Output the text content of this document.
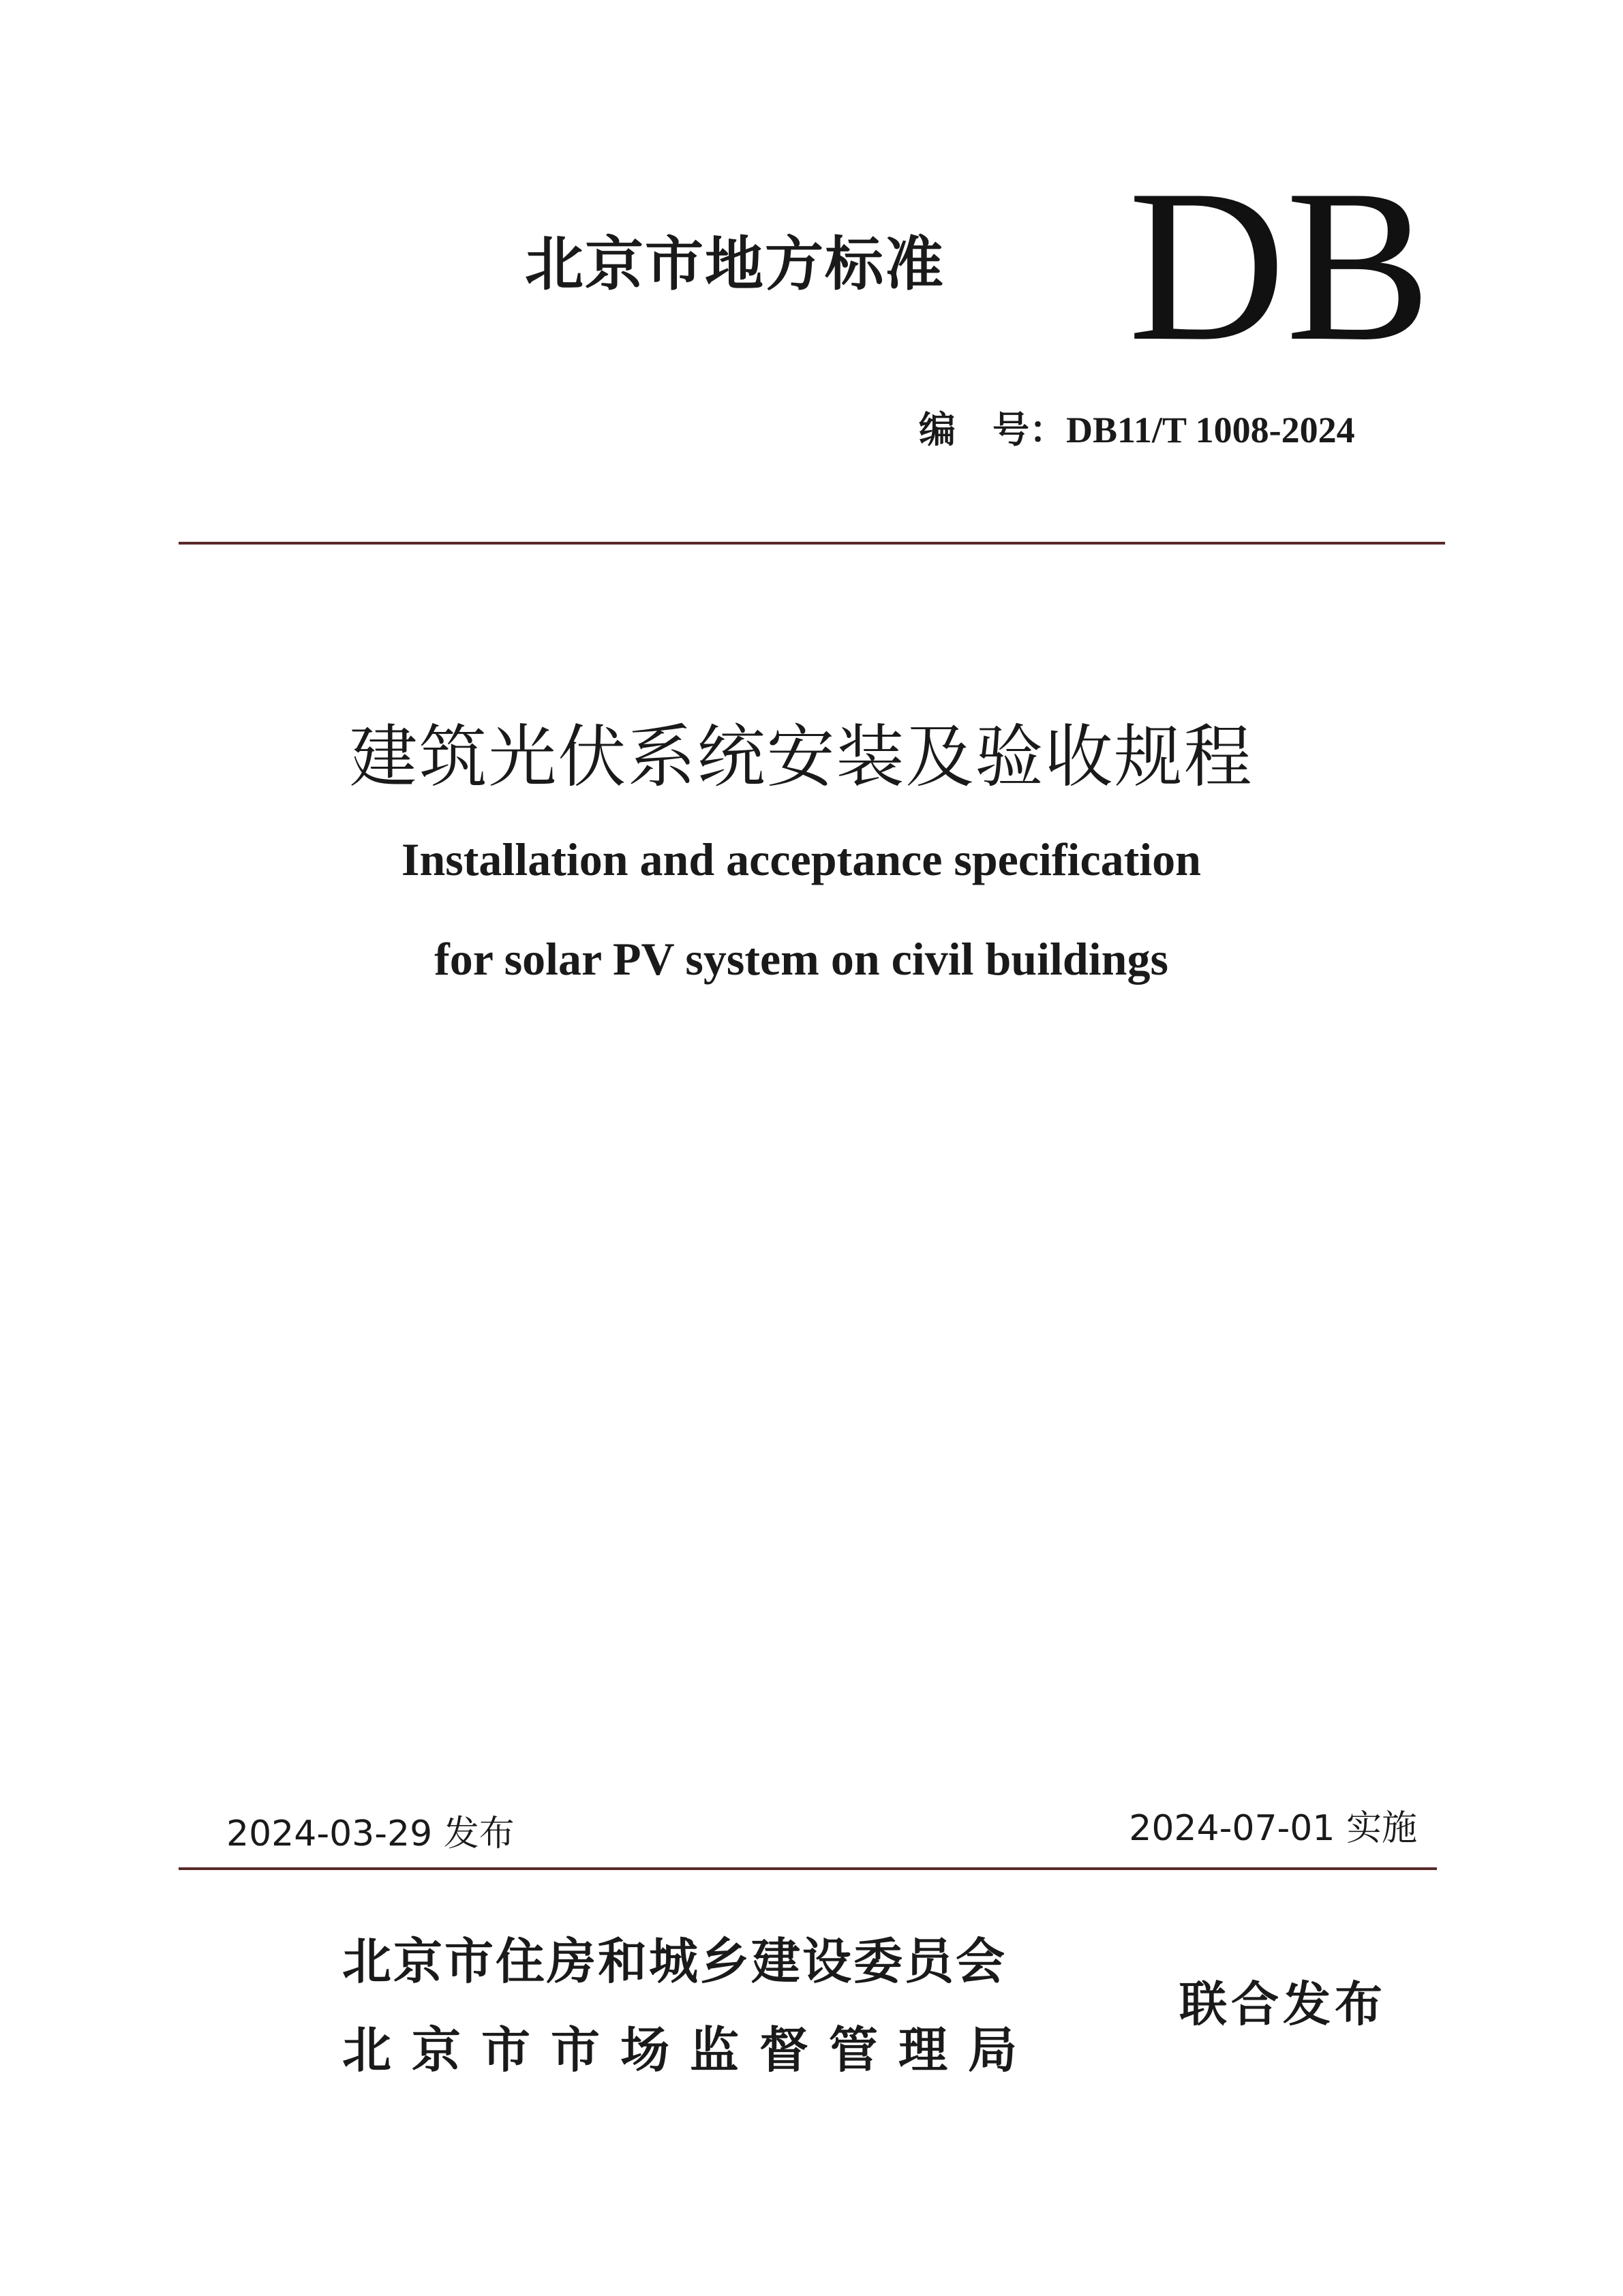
北京市地方标准 DB
编　号：DB11/T 1008-2024
建筑光伏系统安装及验收规程
Installation and acceptance specification
for solar PV system on civil buildings
2024-03-29 发布	2024-07-01 实施
北京市住房和城乡建设委员会
北京市市场监督管理局
联合发布
